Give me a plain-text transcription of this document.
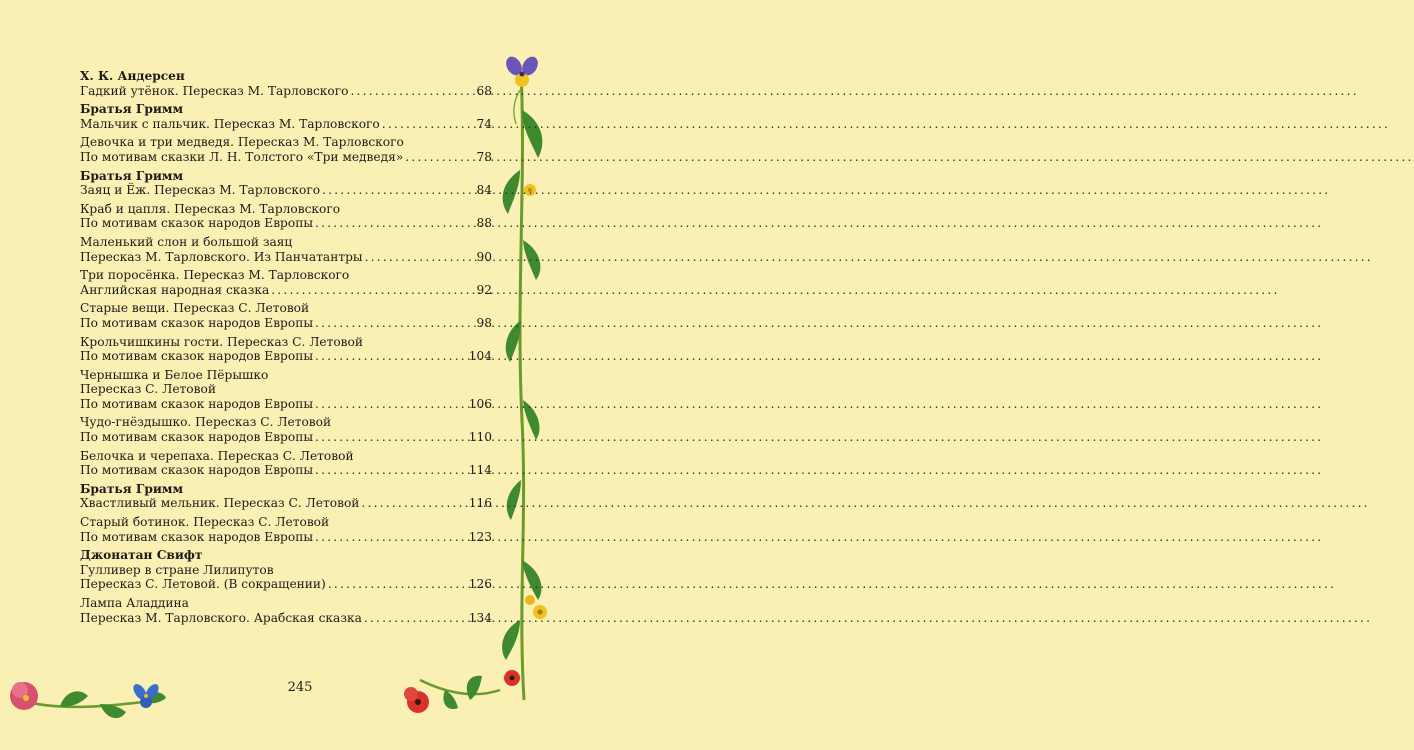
Х. К. Андерсен
Гадкий утёнок. Пересказ М. Тарловского .....	68
Братья Гримм
Мальчик с пальчик. Пересказ М. Тарловского .....	74
Девочка и три медведя. Пересказ М. Тарловского
По мотивам сказки Л. Н. Толстого «Три медведя» .....	78
Братья Гримм
Заяц и Ёж. Пересказ М. Тарловского .....	84
Краб и цапля. Пересказ М. Тарловского
По мотивам сказок народов Европы .....	88
Маленький слон и большой заяц
Пересказ М. Тарловского. Из Панчатантры .....	90
Три поросёнка. Пересказ М. Тарловского
Английская народная сказка .....	92
Старые вещи. Пересказ С. Летовой
По мотивам сказок народов Европы .....	98
Крольчишкины гости. Пересказ С. Летовой
По мотивам сказок народов Европы .....	104
Чернышка и Белое Пёрышко
Пересказ С. Летовой
По мотивам сказок народов Европы .....	106
Чудо-гнёздышко. Пересказ С. Летовой
По мотивам сказок народов Европы .....	110
Белочка и черепаха. Пересказ С. Летовой
По мотивам сказок народов Европы .....	114
Братья Гримм
Хвастливый мельник. Пересказ С. Летовой .....	116
Старый ботинок. Пересказ С. Летовой
По мотивам сказок народов Европы .....	123
Джонатан Свифт
Гулливер в стране Лилипутов
Пересказ С. Летовой. (В сокращении) .....	126
Лампа Аладдина
Пересказ М. Тарловского. Арабская сказка .....	134
245
